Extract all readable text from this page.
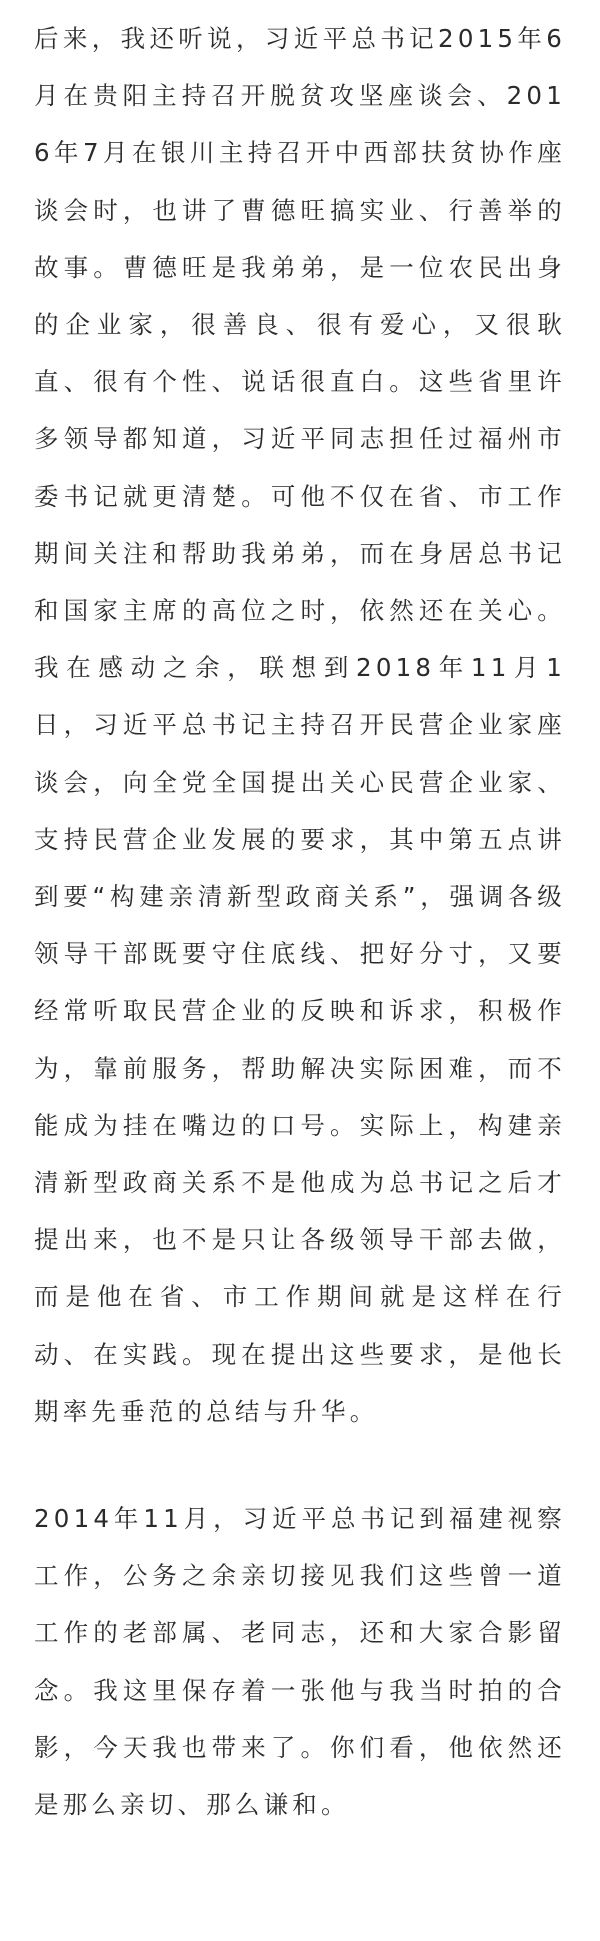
后来，我还听说，习近平总书记2015年6月在贵阳主持召开脱贫攻坚座谈会、2016年7月在银川主持召开中西部扶贫协作座谈会时，也讲了曹德旺搞实业、行善举的故事。曹德旺是我弟弟，是一位农民出身的企业家，很善良、很有爱心，又很耿直、很有个性、说话很直白。这些省里许多领导都知道，习近平同志担任过福州市委书记就更清楚。可他不仅在省、市工作期间关注和帮助我弟弟，而在身居总书记和国家主席的高位之时，依然还在关心。我在感动之余，联想到2018年11月1日，习近平总书记主持召开民营企业家座谈会，向全党全国提出关心民营企业家、支持民营企业发展的要求，其中第五点讲到要“构建亲清新型政商关系”，强调各级领导干部既要守住底线、把好分寸，又要经常听取民营企业的反映和诉求，积极作为，靠前服务，帮助解决实际困难，而不能成为挂在嘴边的口号。实际上，构建亲清新型政商关系不是他成为总书记之后才提出来，也不是只让各级领导干部去做，而是他在省、市工作期间就是这样在行动、在实践。现在提出这些要求，是他长期率先垂范的总结与升华。

2014年11月，习近平总书记到福建视察工作，公务之余亲切接见我们这些曾一道工作的老部属、老同志，还和大家合影留念。我这里保存着一张他与我当时拍的合影，今天我也带来了。你们看，他依然还是那么亲切、那么谦和。
